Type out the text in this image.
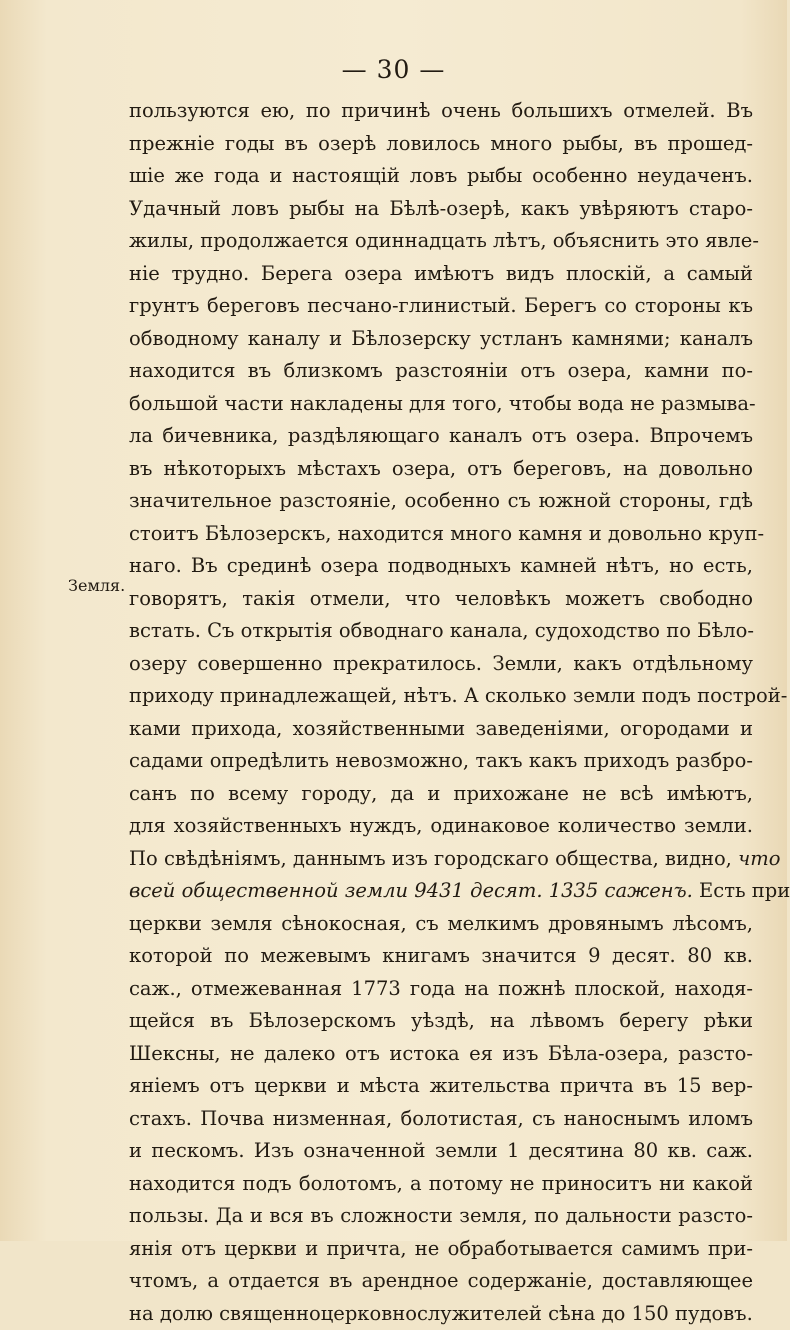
— 30 —
Земля.
пользуются ею, по причинѣ очень большихъ отмелей. Въ
прежніе годы въ озерѣ ловилось много рыбы, въ прошед-
шіе же года и настоящій ловъ рыбы особенно неудаченъ.
Удачный ловъ рыбы на Бѣлѣ-озерѣ, какъ увѣряютъ старо-
жилы, продолжается одиннадцать лѣтъ, объяснить это явле-
ніе трудно. Берега озера имѣютъ видъ плоскій, а самый
грунтъ береговъ песчано-глинистый. Берегъ со стороны къ
обводному каналу и Бѣлозерску устланъ камнями; каналъ
находится въ близкомъ разстояніи отъ озера, камни по-
большой части накладены для того, чтобы вода не размыва-
ла бичевника, раздѣляющаго каналъ отъ озера. Впрочемъ
въ нѣкоторыхъ мѣстахъ озера, отъ береговъ, на довольно
значительное разстояніе, особенно съ южной стороны, гдѣ
стоитъ Бѣлозерскъ, находится много камня и довольно круп-
наго. Въ срединѣ озера подводныхъ камней нѣтъ, но есть,
говорятъ, такія отмели, что человѣкъ можетъ свободно
встать. Съ открытія обводнаго канала, судоходство по Бѣло-
озеру совершенно прекратилось. Земли, какъ отдѣльному
приходу принадлежащей, нѣтъ. А сколько земли подъ построй-
ками прихода, хозяйственными заведеніями, огородами и
садами опредѣлить невозможно, такъ какъ приходъ разбро-
санъ по всему городу, да и прихожане не всѣ имѣютъ,
для хозяйственныхъ нуждъ, одинаковое количество земли.
По свѣдѣніямъ, даннымъ изъ городскаго общества, видно, что
всей общественной земли 9431 десят. 1335 саженъ. Есть при
церкви земля сѣнокосная, съ мелкимъ дровянымъ лѣсомъ,
которой по межевымъ книгамъ значится 9 десят. 80 кв.
саж., отмежеванная 1773 года на пожнѣ плоской, находя-
щейся въ Бѣлозерскомъ уѣздѣ, на лѣвомъ берегу рѣки
Шексны, не далеко отъ истока ея изъ Бѣла-озера, разсто-
яніемъ отъ церкви и мѣста жительства причта въ 15 вер-
стахъ. Почва низменная, болотистая, съ наноснымъ иломъ
и пескомъ. Изъ означенной земли 1 десятина 80 кв. саж.
находится подъ болотомъ, а потому не приноситъ ни какой
пользы. Да и вся въ сложности земля, по дальности разсто-
янія отъ церкви и причта, не обработывается самимъ при-
чтомъ, а отдается въ арендное содержаніе, доставляющее
на долю священноцерковнослужителей сѣна до 150 пудовъ.
